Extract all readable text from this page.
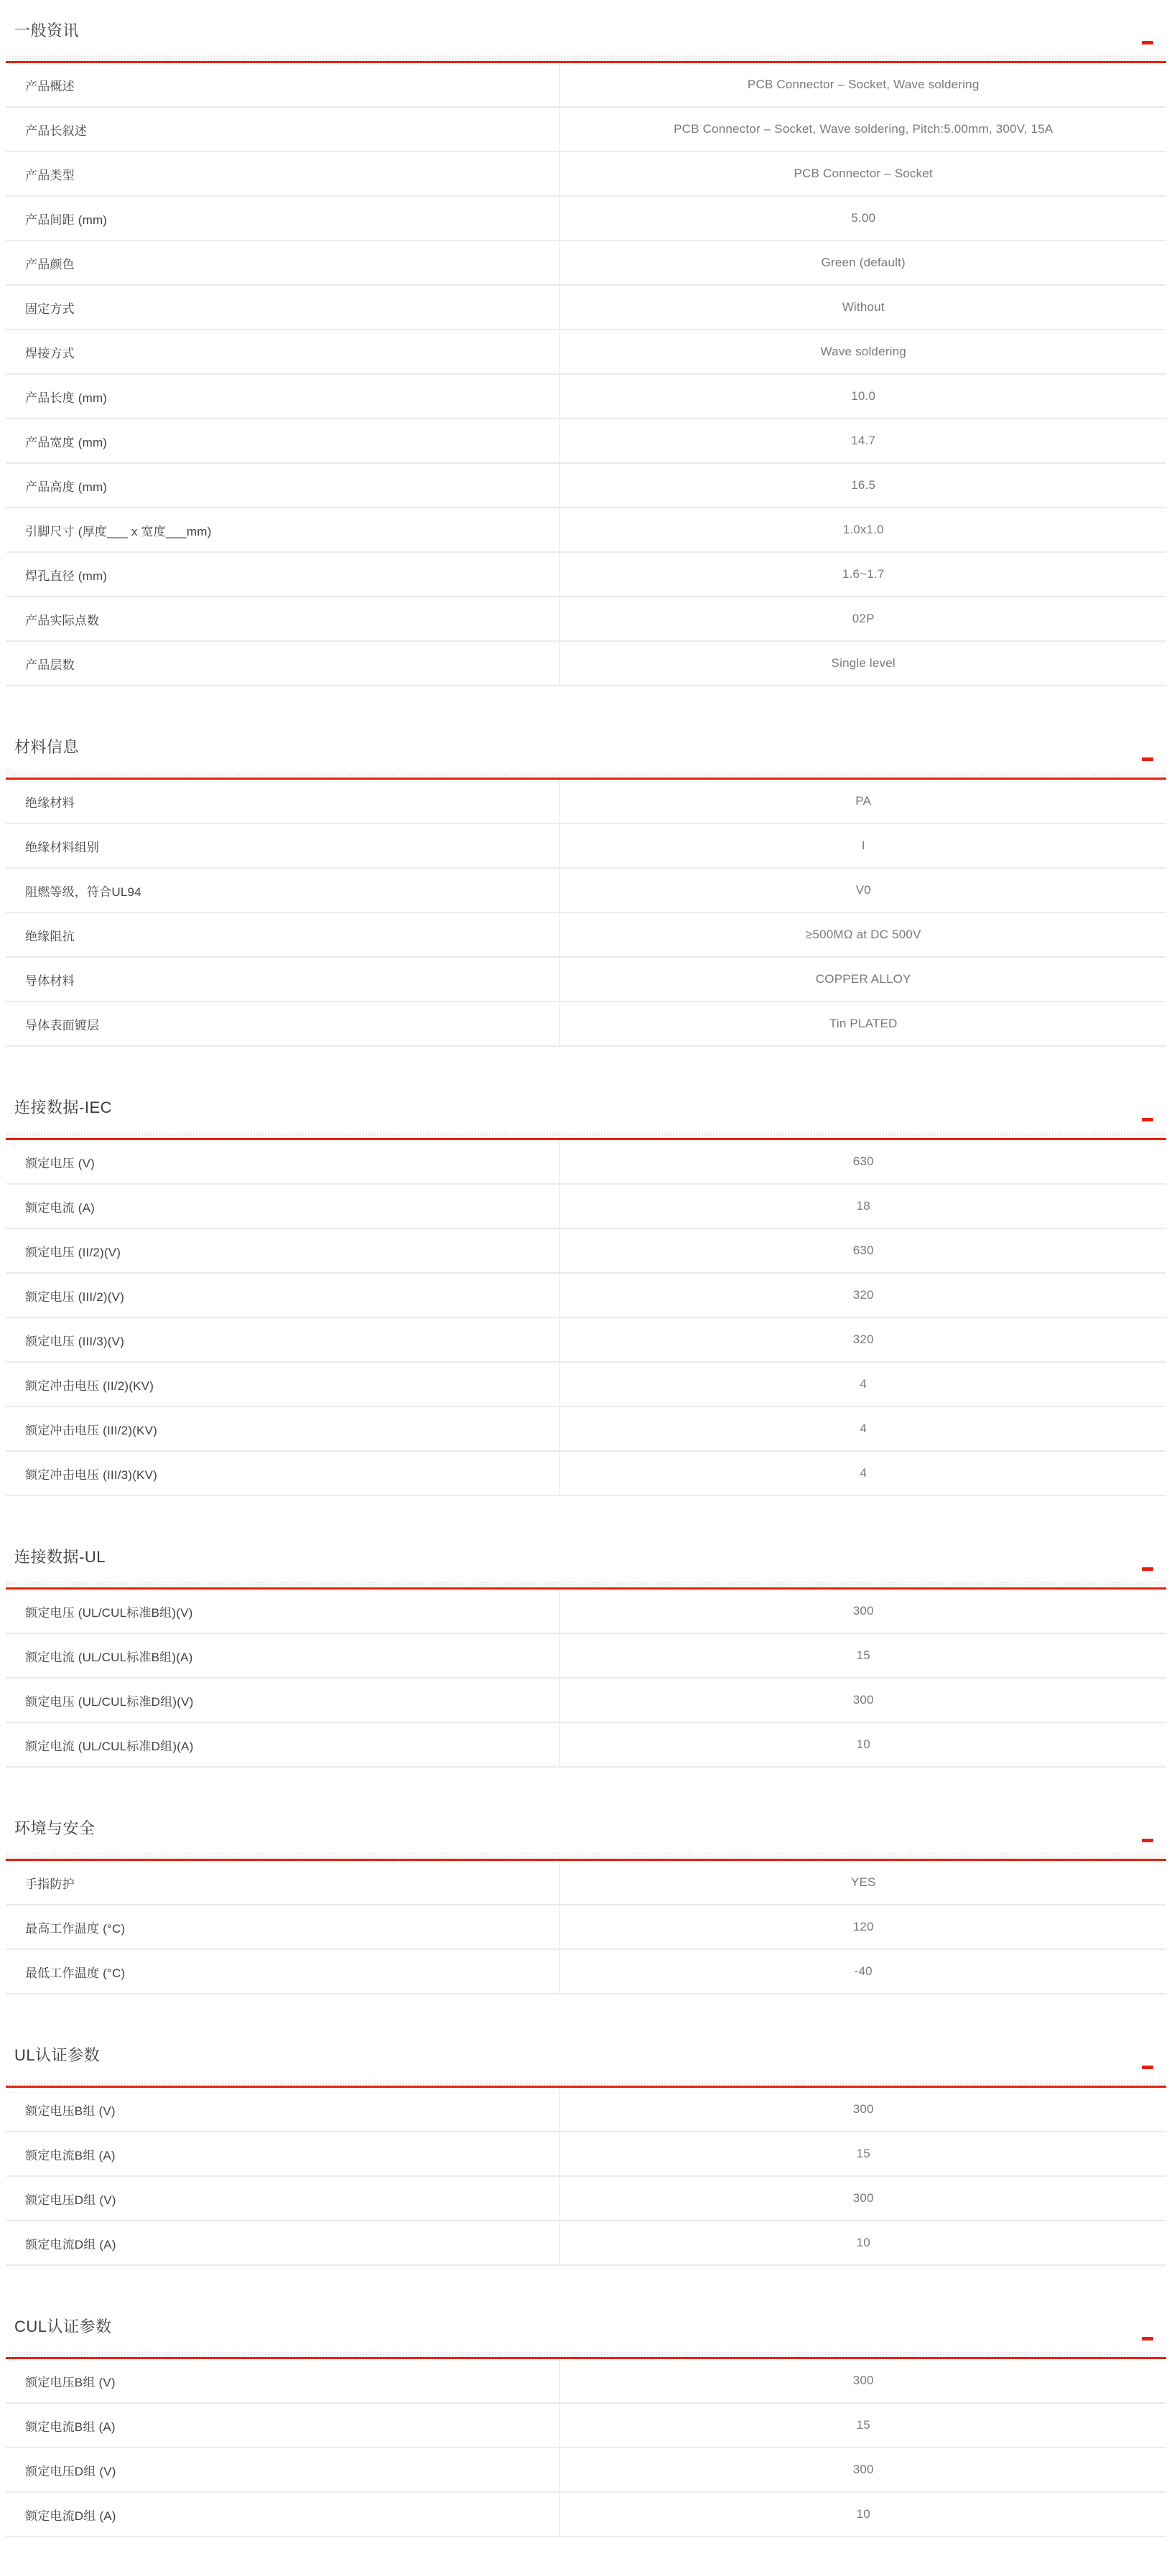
一般资讯
产品概述	PCB Connector – Socket, Wave soldering
产品长叙述	PCB Connector – Socket, Wave soldering, Pitch:5.00mm, 300V, 15A
产品类型	PCB Connector – Socket
产品间距 (mm)	5.00
产品颜色	Green (default)
固定方式	Without
焊接方式	Wave soldering
产品长度 (mm)	10.0
产品宽度 (mm)	14.7
产品高度 (mm)	16.5
引脚尺寸 (厚度___ x 宽度___mm)	1.0x1.0
焊孔直径 (mm)	1.6~1.7
产品实际点数	02P
产品层数	Single level
材料信息
绝缘材料	PA
绝缘材料组别	I
阻燃等级，符合UL94	V0
绝缘阻抗	≥500MΩ at DC 500V
导体材料	COPPER ALLOY
导体表面镀层	Tin PLATED
连接数据-IEC
额定电压 (V)	630
额定电流 (A)	18
额定电压 (II/2)(V)	630
额定电压 (III/2)(V)	320
额定电压 (III/3)(V)	320
额定冲击电压 (II/2)(KV)	4
额定冲击电压 (III/2)(KV)	4
额定冲击电压 (III/3)(KV)	4
连接数据-UL
额定电压 (UL/CUL标准B组)(V)	300
额定电流 (UL/CUL标准B组)(A)	15
额定电压 (UL/CUL标准D组)(V)	300
额定电流 (UL/CUL标准D组)(A)	10
环境与安全
手指防护	YES
最高工作温度 (°C)	120
最低工作温度 (°C)	-40
UL认证参数
额定电压B组 (V)	300
额定电流B组 (A)	15
额定电压D组 (V)	300
额定电流D组 (A)	10
CUL认证参数
额定电压B组 (V)	300
额定电流B组 (A)	15
额定电压D组 (V)	300
额定电流D组 (A)	10
